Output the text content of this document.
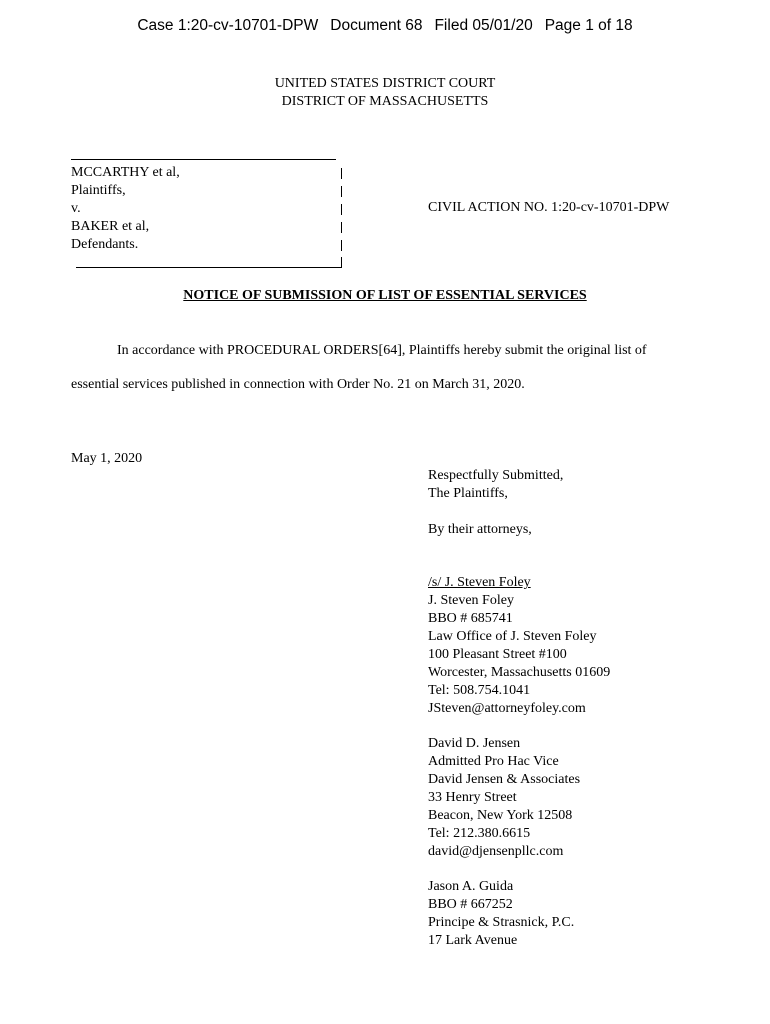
Case 1:20-cv-10701-DPW Document 68 Filed 05/01/20 Page 1 of 18
UNITED STATES DISTRICT COURT
DISTRICT OF MASSACHUSETTS
MCCARTHY et al,
Plaintiffs,
v.
BAKER et al,
Defendants.
CIVIL ACTION NO. 1:20-cv-10701-DPW
NOTICE OF SUBMISSION OF LIST OF ESSENTIAL SERVICES
In accordance with PROCEDURAL ORDERS[64], Plaintiffs hereby submit the original list of
essential services published in connection with Order No. 21 on March 31, 2020.
May 1, 2020
Respectfully Submitted,
The Plaintiffs,
By their attorneys,
/s/ J. Steven Foley
J. Steven Foley
BBO # 685741
Law Office of J. Steven Foley
100 Pleasant Street #100
Worcester, Massachusetts 01609
Tel: 508.754.1041
JSteven@attorneyfoley.com
David D. Jensen
Admitted Pro Hac Vice
David Jensen & Associates
33 Henry Street
Beacon, New York 12508
Tel: 212.380.6615
david@djensenpllc.com
Jason A. Guida
BBO # 667252
Principe & Strasnick, P.C.
17 Lark Avenue
